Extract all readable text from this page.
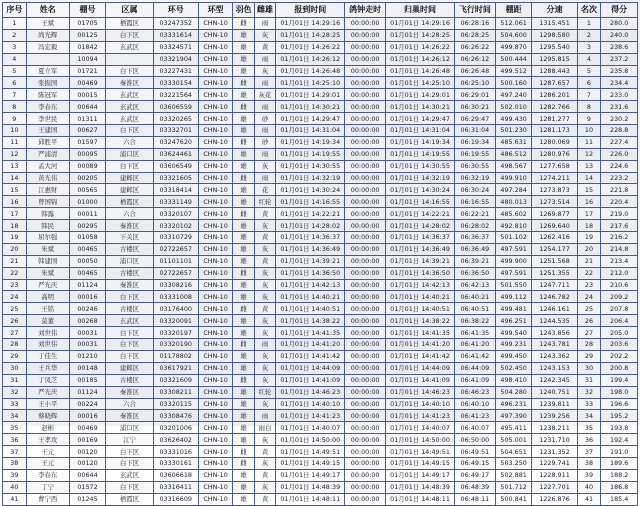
序号	姓名	棚号	区属	环号	环型	羽色	雌雄	报到时间	鸽钟走时	归巢时间	飞行时间	棚距	分速	名次	得分
1	王斌	01705	栖霞区	03247352	CHN-10	雌	雨	01月01日 14:29:16	00:00:00	01月01日 14:29:16	06:28:16	512.061	1315.451	1	280.0
2	尚光辉	00125	白下区	03331614	CHN-10	雄	灰	01月01日 14:28:25	00:00:00	01月01日 14:28:25	06:28:25	504.600	1298.580	2	240.0
3	冯宏毅	01842	玄武区	03324571	CHN-10	雄	黄	01月01日 14:26:22	00:00:00	01月01日 14:26:22	06:26:22	499.870	1295.540	3	238.6
4		10094		03321904	CHN-10	雄	雨	01月01日 14:26:12	00:00:00	01月01日 14:26:12	06:26:12	500.444	1295.815	4	237.2
5	夏立军	01721	白下区	03227431	CHN-10	雄	灰	01月01日 14:26:48	00:00:00	01月01日 14:26:48	06:26:48	499.512	1288.443	5	235.8
6	张振国	00469	秦淮区	03330154	CHN-10	雌	雨	01月01日 14:25:10	00:00:00	01月01日 14:25:10	06:25:10	500.160	1287.657	6	234.4
7	陈冠军	00015	玄武区	03221564	CHN-10	雄	灰花	01月01日 14:29:01	00:00:00	01月01日 14:29:01	06:29:01	497.240	1286.201	7	233.0
8	李春东	00644	玄武区	03606559	CHN-10	雌	雨	01月01日 14:30:21	00:00:00	01月01日 14:30:21	06:30:21	502.010	1282.766	8	231.6
9	李世民	01311	玄武区	03320265	CHN-10	雄	砂	01月01日 14:29:47	00:00:00	01月01日 14:29:47	06:29:47	499.430	1281.277	9	230.2
10	王建国	00627	白下区	03332701	CHN-10	雄	雨	01月01日 14:31:04	00:00:00	01月01日 14:31:04	06:31:04	501.230	1281.173	10	228.8
11	邱胜平	01597	六合	03247620	CHN-10	雌	砂	01月01日 14:19:34	00:00:00	01月01日 14:19:34	06:19:34	485.631	1280.069	11	227.4
12	严浦清	00095	浦口区	03624461	CHN-10	雄	雨	01月01日 14:19:55	00:00:00	01月01日 14:19:55	06:19:55	486.512	1280.976	12	226.0
13	孟大河	00089	白下区	03606549	CHN-10	雄	灰	01月01日 14:30:55	00:00:00	01月01日 14:30:55	06:30:55	498.567	1277.658	13	224.6
14	黄光伟	00205	建邺区	03321605	CHN-10	雌	雨	01月01日 14:32:19	00:00:00	01月01日 14:32:19	06:32:19	499.910	1274.211	14	223.2
15	江惠财	00565	建邺区	03318414	CHN-10	雄	花	01月01日 14:30:24	00:00:00	01月01日 14:30:24	06:30:24	497.284	1273.873	15	221.8
16	曾国锦	01000	栖霞区	03331149	CHN-10	雄	红轮	01月01日 14:16:55	00:00:00	01月01日 14:16:55	06:16:55	480.013	1273.514	16	220.4
17	韩露	00011	六合	03320107	CHN-10	雌	黄	01月01日 14:22:21	00:00:00	01月01日 14:22:21	06:22:21	485.602	1269.877	17	219.0
18	韩民	00295	秦淮区	03320102	CHN-10	雄	灰	01月01日 14:28:02	00:00:00	01月01日 14:28:02	06:28:02	492.810	1269.640	18	217.6
19	屈尔强	01058	下关区	03310729	CHN-10	雄	黄	01月01日 14:36:37	00:00:00	01月01日 14:36:37	06:36:37	501.102	1262.416	19	216.2
20	朱斌	00465	古楼区	02722657	CHN-10	雄	灰	01月01日 14:36:49	00:00:00	01月01日 14:36:49	06:36:49	497.591	1254.177	20	214.8
21	韩建国	00050	浦口区	01101101	CHN-10	雄	黄	01月01日 14:39:21	00:00:00	01月01日 14:39:21	06:39:21	499.900	1251.568	21	213.4
22	朱斌	00465	古楼区	02722657	CHN-10	雌	灰	01月01日 14:36:50	00:00:00	01月01日 14:36:50	06:36:50	497.591	1251.355	22	212.0
23	严光庆	01124	秦淮区	03308216	CHN-10	雄	灰	01月01日 14:42:13	00:00:00	01月01日 14:42:13	06:42:13	501.550	1247.711	23	210.6
24	高明	00016	白下区	03331008	CHN-10	雄	灰	01月01日 14:40:21	00:00:00	01月01日 14:40:21	06:40:21	499.112	1246.782	24	209.2
25	王铭	00246	古楼区	03176400	CHN-10	雌	黄	01月01日 14:40:51	00:00:00	01月01日 14:40:51	06:40:51	499.481	1246.161	25	207.8
26	莫董	00268	玄武区	03320091	CHN-10	雄	灰	01月01日 14:38:22	00:00:00	01月01日 14:38:22	06:38:22	496.251	1244.535	26	206.4
27	刘世伟	00031	白下区	03320197	CHN-10	雄	灰	01月01日 14:41:35	00:00:00	01月01日 14:41:35	06:41:35	499.540	1243.856	27	205.0
28	刘世伟	00031	白下区	03320190	CHN-10	雌	雨	01月01日 14:41:20	00:00:00	01月01日 14:41:20	06:41:20	499.231	1243.781	28	203.6
29	丁佳生	01210	白下区	01178802	CHN-10	雄	灰	01月01日 14:41:42	00:00:00	01月01日 14:41:42	06:41:42	499.450	1243.362	29	202.2
30	王兵华	00148	建邺区	03617921	CHN-10	雄	灰	01月01日 14:44:09	00:00:00	01月01日 14:44:09	06:44:09	502.450	1243.153	30	200.8
31	丁凤芝	00185	古楼区	03321609	CHN-10	雌	灰	01月01日 14:41:09	00:00:00	01月01日 14:41:09	06:41:09	498.410	1242.345	31	199.4
32	严光庆	01124	秦淮区	03308211	CHN-10	雄	红轮	01月01日 14:46:23	00:00:00	01月01日 14:46:23	06:46:23	504.280	1240.751	32	198.0
33	王小平	00224	六合	03320115	CHN-10	雄	灰	01月01日 14:40:10	00:00:00	01月01日 14:40:10	06:40:10	496.231	1239.811	33	196.6
34	蔡晓辉	00016	秦淮区	03308476	CHN-10	雄	雨	01月01日 14:41:23	00:00:00	01月01日 14:41:23	06:41:23	497.390	1239.256	34	195.2
35	赵彬	00469	浦口区	03201006	CHN-10	雄	雨白	01月01日 14:40:07	00:00:00	01月01日 14:40:07	06:40:07	495.411	1238.211	35	193.8
36	王孝攻	00169	江宁	03626402	CHN-10	雄	灰	01月01日 14:50:00	00:00:00	01月01日 14:50:00	06:50:00	505.001	1231.710	36	192.4
37	王元	00120	白下区	03331016	CHN-10	雌	黄	01月01日 14:49:51	00:00:00	01月01日 14:49:51	06:49:51	504.651	1231.352	37	191.0
38	王元	00120	白下区	03330161	CHN-10	雌	灰	01月01日 14:49:15	00:00:00	01月01日 14:49:15	06:49:15	503.250	1229.741	38	189.6
39	李春东	00644	玄武区	03606618	CHN-10	雄	黄	01月01日 14:49:17	00:00:00	01月01日 14:49:17	06:49:17	502.881	1228.911	39	188.2
40	丁宁	01572	白下区	03316411	CHN-10	雄	灰	01月01日 14:48:39	00:00:00	01月01日 14:48:39	06:48:39	501.712	1227.701	40	186.8
41	曹宁西	01245	栖霞区	03316609	CHN-10	雄	黄	01月01日 14:48:11	00:00:00	01月01日 14:48:11	06:48:11	500.841	1226.876	41	185.4
